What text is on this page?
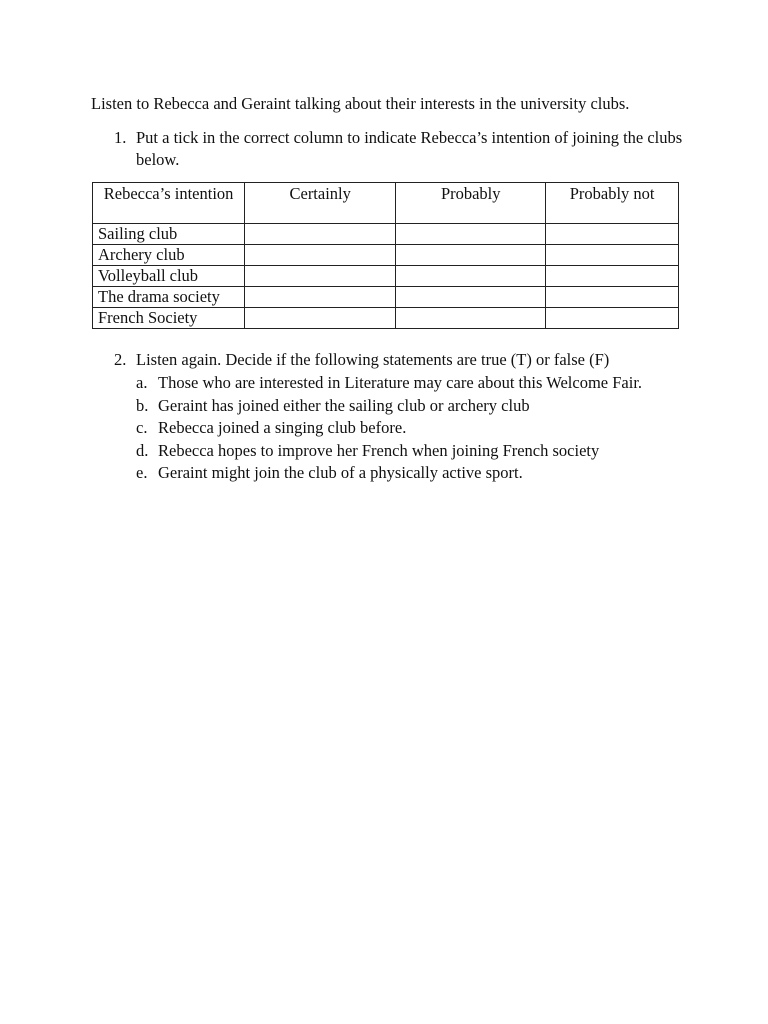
Listen to Rebecca and Geraint talking about their interests in the university clubs.

1. Put a tick in the correct column to indicate Rebecca’s intention of joining the clubs below.
Rebecca’s intention	Certainly	Probably	Probably not
Sailing club			
Archery club			
Volleyball club			
The drama society			
French Society			
2. Listen again. Decide if the following statements are true (T) or false (F)
a. Those who are interested in Literature may care about this Welcome Fair.
b. Geraint has joined either the sailing club or archery club
c. Rebecca joined a singing club before.
d. Rebecca hopes to improve her French when joining French society
e. Geraint might join the club of a physically active sport.
